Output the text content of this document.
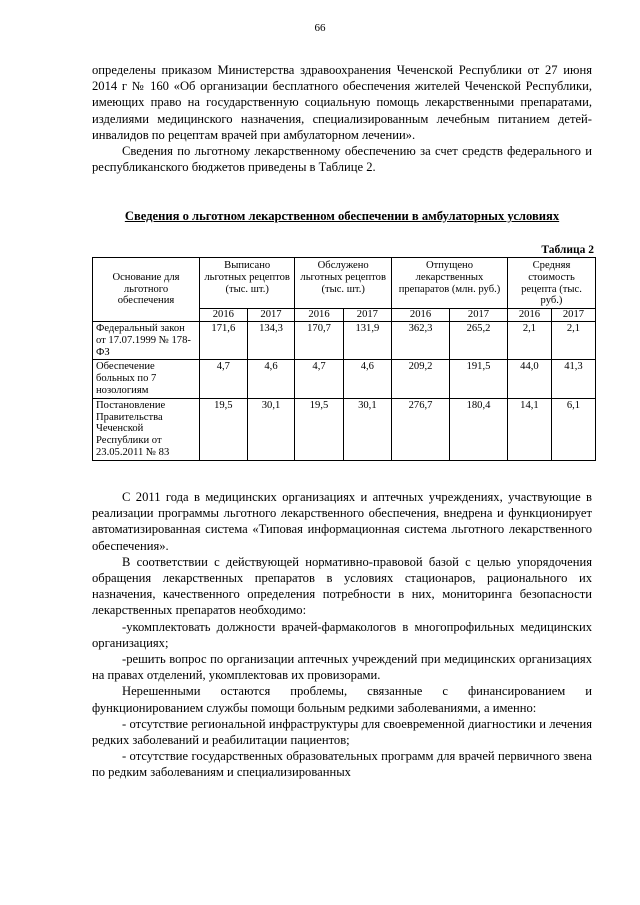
66

определены приказом Министерства здравоохранения Чеченской Республики от 27 июня 2014 г № 160 «Об организации бесплатного обеспечения жителей Чеченской Республики, имеющих право на государственную социальную помощь лекарственными препаратами, изделиями медицинского назначения, специализированным лечебным питанием детей-инвалидов по рецептам врачей при амбулаторном лечении».

Сведения по льготному лекарственному обеспечению за счет средств федерального и республиканского бюджетов приведены в Таблице 2.

Сведения о льготном лекарственном обеспечении в амбулаторных условиях
Таблица 2
Основание для льготного обеспечения	Выписано льготных рецептов (тыс. шт.)		Обслужено льготных рецептов (тыс. шт.)		Отпущено лекарственных препаратов (млн. руб.)		Средняя стоимость рецепта (тыс. руб.)	
	2016	2017	2016	2017	2016	2017	2016	2017
Федеральный закон от 17.07.1999 № 178-ФЗ	171,6	134,3	170,7	131,9	362,3	265,2	2,1	2,1
Обеспечение больных по 7 нозологиям	4,7	4,6	4,7	4,6	209,2	191,5	44,0	41,3
Постановление Правительства Чеченской Республики от 23.05.2011 № 83	19,5	30,1	19,5	30,1	276,7	180,4	14,1	6,1

С 2011 года в медицинских организациях и аптечных учреждениях, участвующие в реализации программы льготного лекарственного обеспечения, внедрена и функционирует автоматизированная система «Типовая информационная система льготного лекарственного обеспечения».

В соответствии с действующей нормативно-правовой базой с целью упорядочения обращения лекарственных препаратов в условиях стационаров, рационального их назначения, качественного определения потребности в них, мониторинга безопасности лекарственных препаратов необходимо:

-укомплектовать должности врачей-фармакологов в многопрофильных медицинских организациях;

-решить вопрос по организации аптечных учреждений при медицинских организациях на правах отделений, укомплектовав их провизорами.

Нерешенными остаются проблемы, связанные с финансированием и функционированием службы помощи больным редкими заболеваниями, а именно:

- отсутствие региональной инфраструктуры для своевременной диагностики и лечения редких заболеваний и реабилитации пациентов;

- отсутствие государственных образовательных программ для врачей первичного звена по редким заболеваниям и специализированных
